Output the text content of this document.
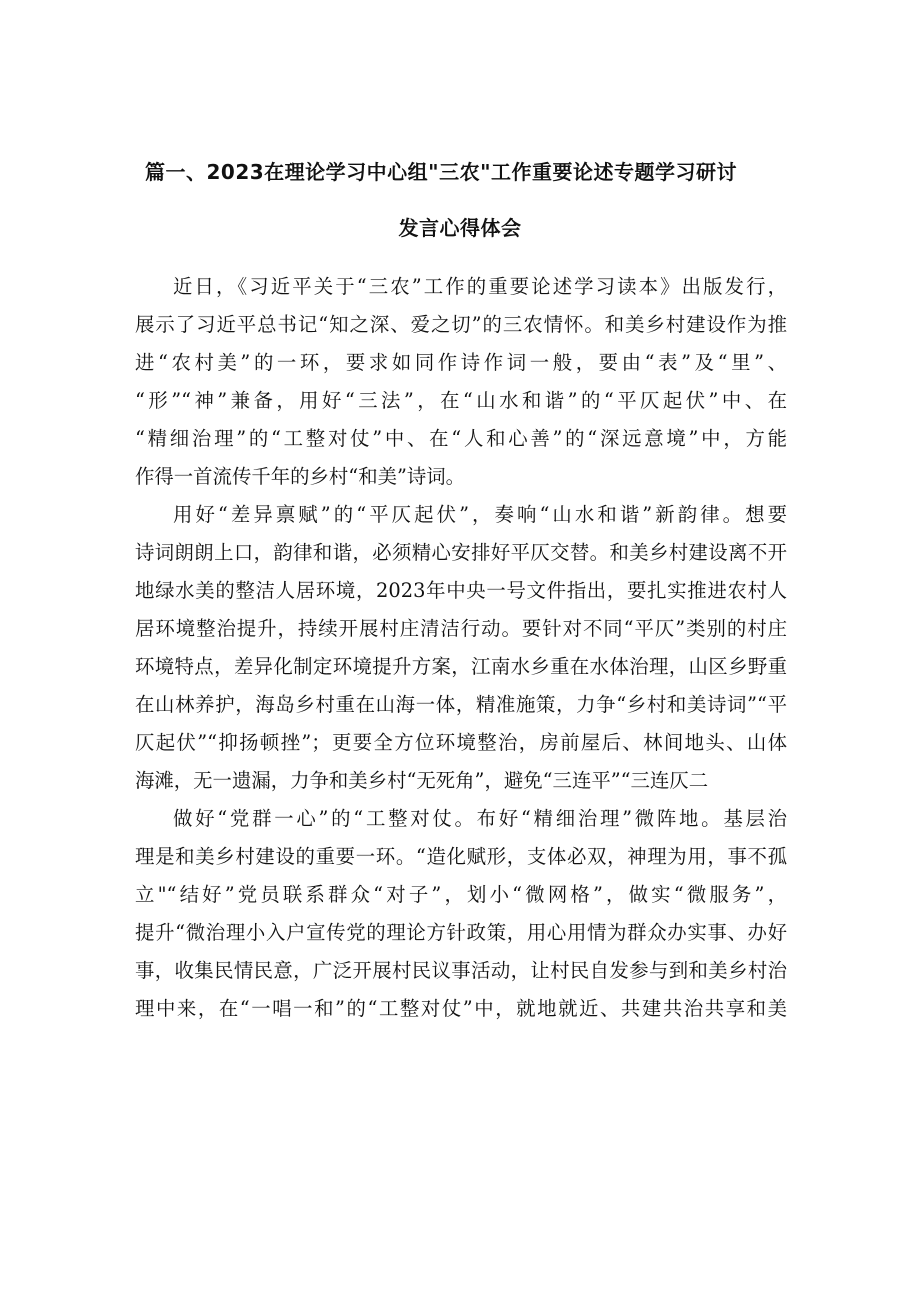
篇一、2023在理论学习中心组"三农"工作重要论述专题学习研讨
发言心得体会
近日，《习近平关于“三农”工作的重要论述学习读本》出版发行，
展示了习近平总书记“知之深、爱之切”的三农情怀。和美乡村建设作为推
进“农村美”的一环，要求如同作诗作词一般，要由“表”及“里”、
“形”“神”兼备，用好“三法”，在“山水和谐”的“平仄起伏”中、在
“精细治理”的“工整对仗”中、在“人和心善”的“深远意境”中，方能
作得一首流传千年的乡村“和美”诗词。
用好“差异禀赋”的“平仄起伏”，奏响“山水和谐”新韵律。想要
诗词朗朗上口，韵律和谐，必须精心安排好平仄交替。和美乡村建设离不开
地绿水美的整洁人居环境，2023年中央一号文件指出，要扎实推进农村人
居环境整治提升，持续开展村庄清洁行动。要针对不同“平仄”类别的村庄
环境特点，差异化制定环境提升方案，江南水乡重在水体治理，山区乡野重
在山林养护，海岛乡村重在山海一体，精准施策，力争“乡村和美诗词”“平
仄起伏”“抑扬顿挫”；更要全方位环境整治，房前屋后、林间地头、山体
海滩，无一遗漏，力争和美乡村“无死角”，避免“三连平”“三连仄二
做好“党群一心”的“工整对仗。布好“精细治理”微阵地。基层治
理是和美乡村建设的重要一环。“造化赋形，支体必双，神理为用，事不孤
立"“结好”党员联系群众“对子”，划小“微网格”，做实“微服务”，
提升“微治理小入户宣传党的理论方针政策，用心用情为群众办实事、办好
事，收集民情民意，广泛开展村民议事活动，让村民自发参与到和美乡村治
理中来，在“一唱一和”的“工整对仗”中，就地就近、共建共治共享和美
